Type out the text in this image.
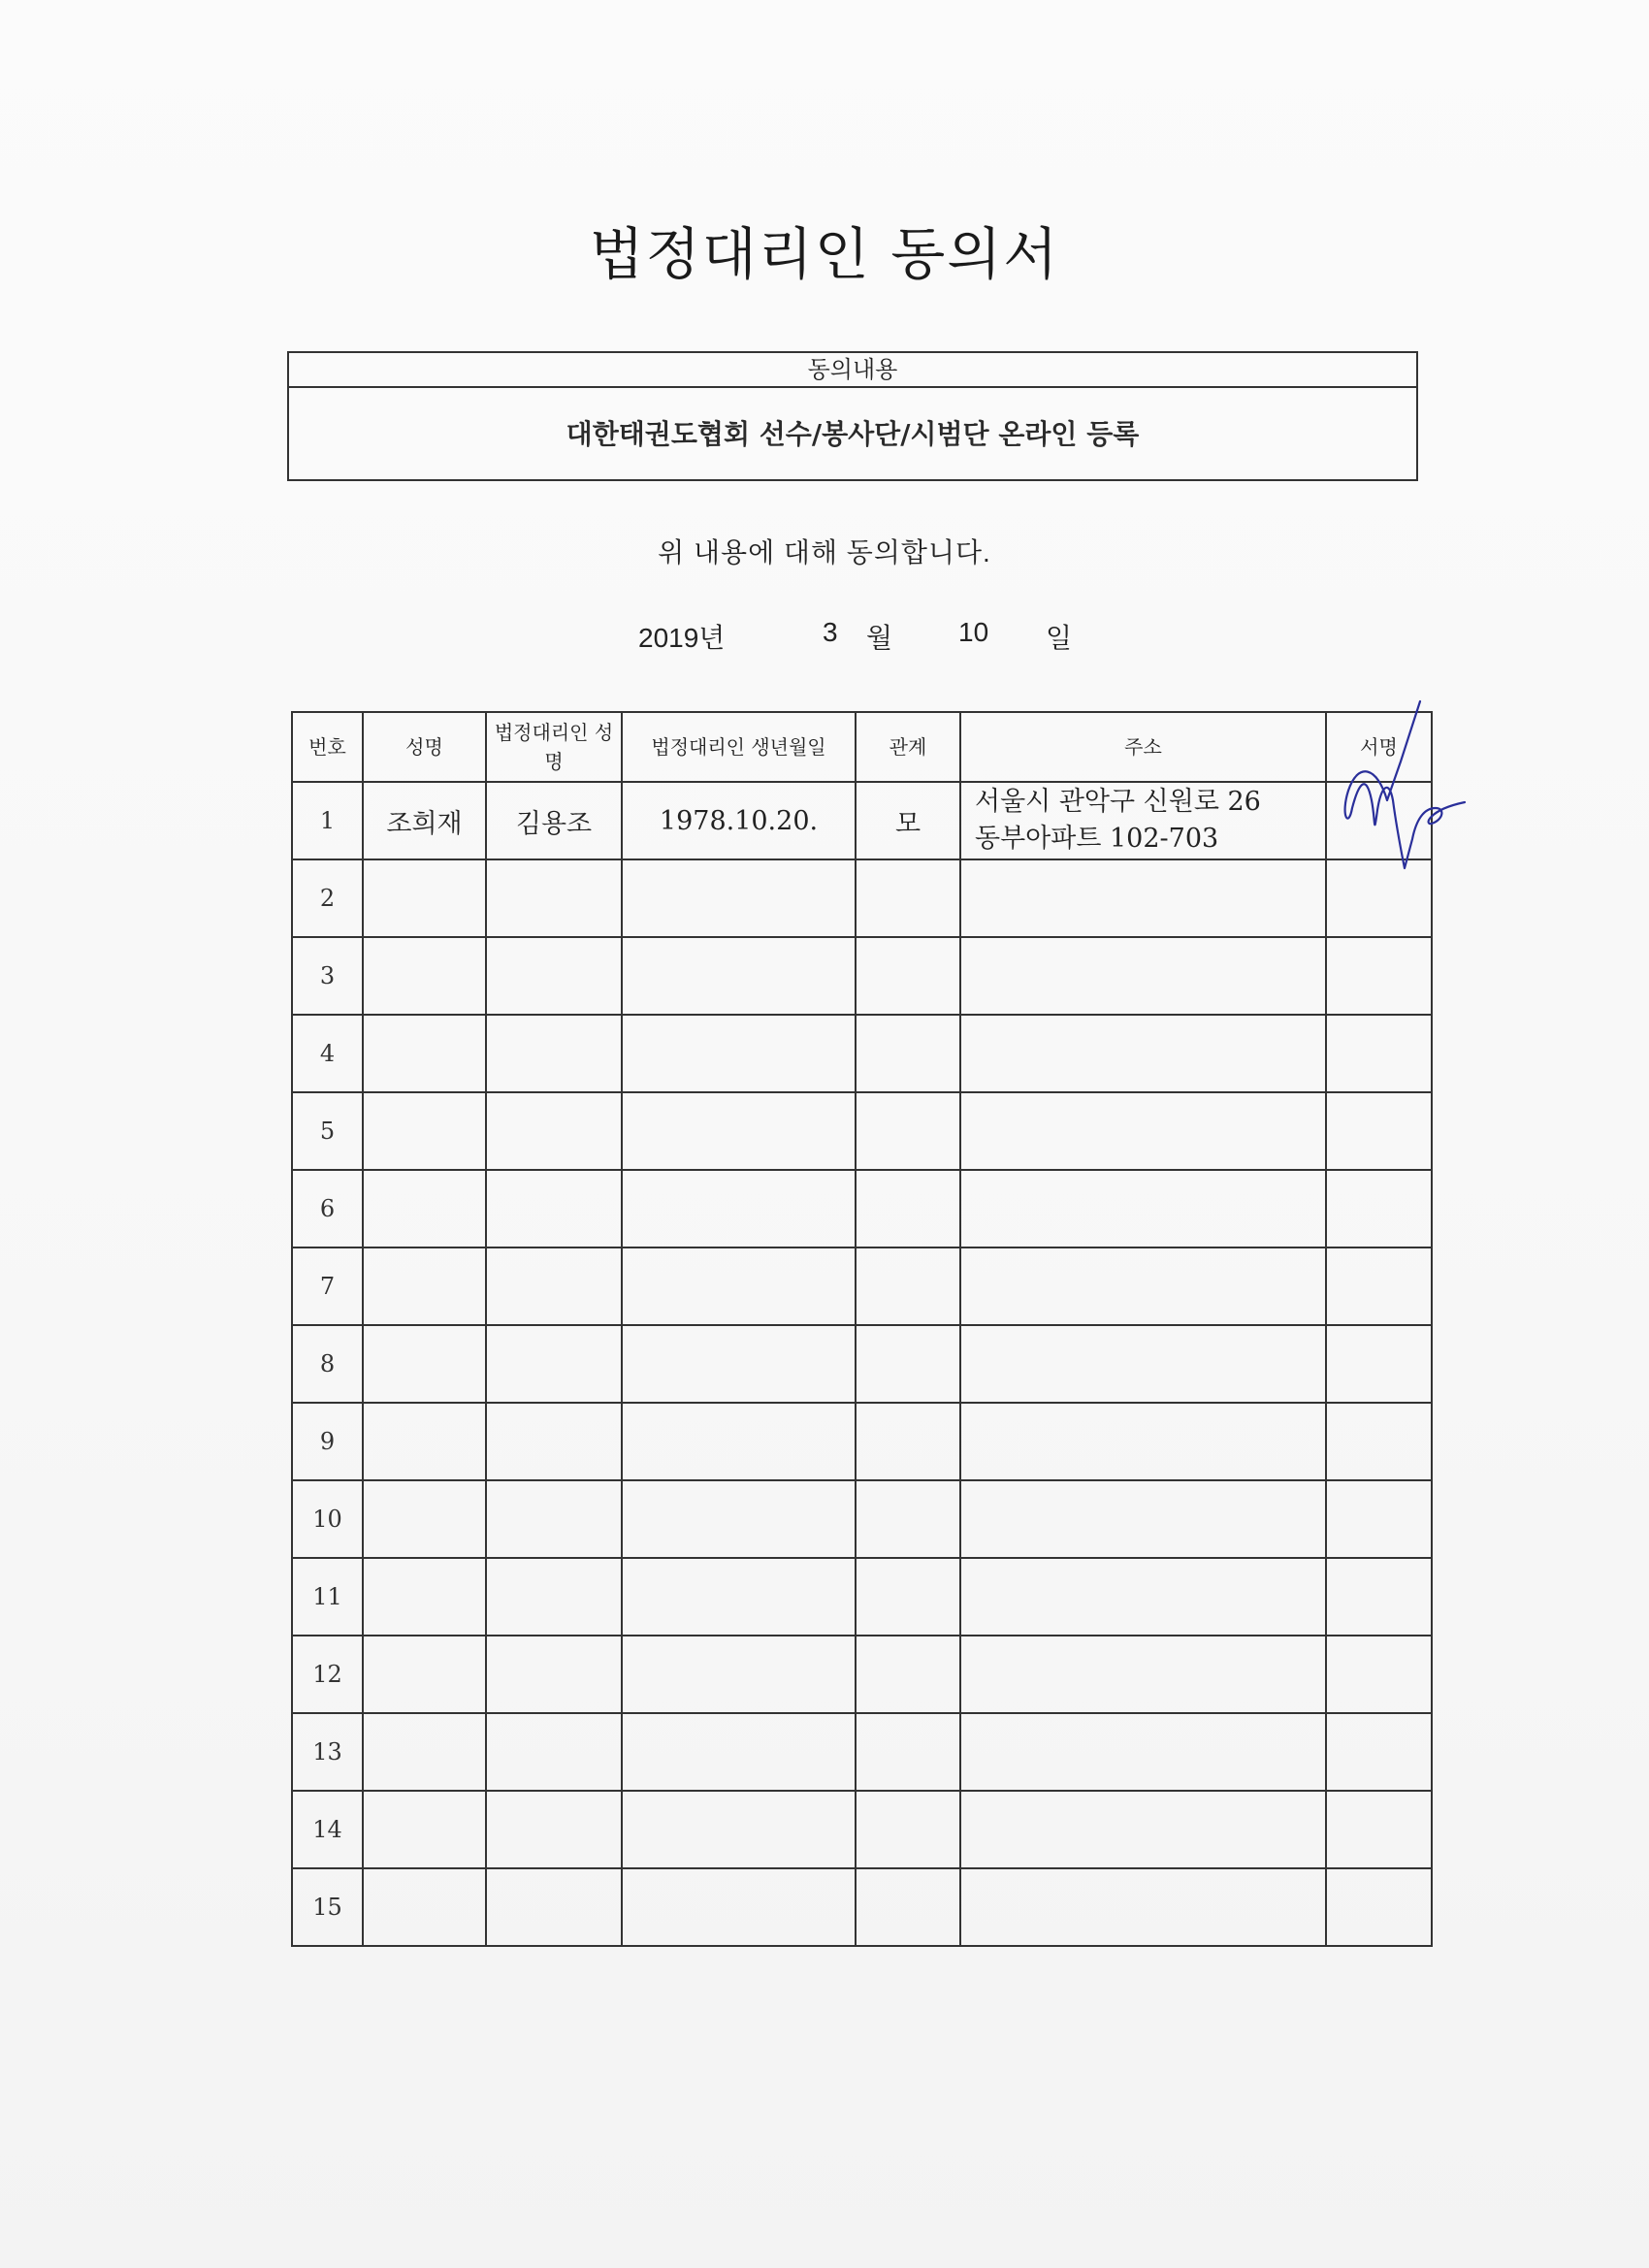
법정대리인 동의서
동의내용
대한태권도협회 선수/봉사단/시범단 온라인 등록
위 내용에 대해 동의합니다.
2019년	3 월 10 일
번호	성명	법정대리인 성명	법정대리인 생년월일	관계	주소	서명
1	조희재	김용조	1978.10.20.	모	서울시 관악구 신원로 26
동부아파트 102-703	

2						
3						
4						
5						
6						
7						
8						
9						
10						
11						
12						
13						
14						
15						
